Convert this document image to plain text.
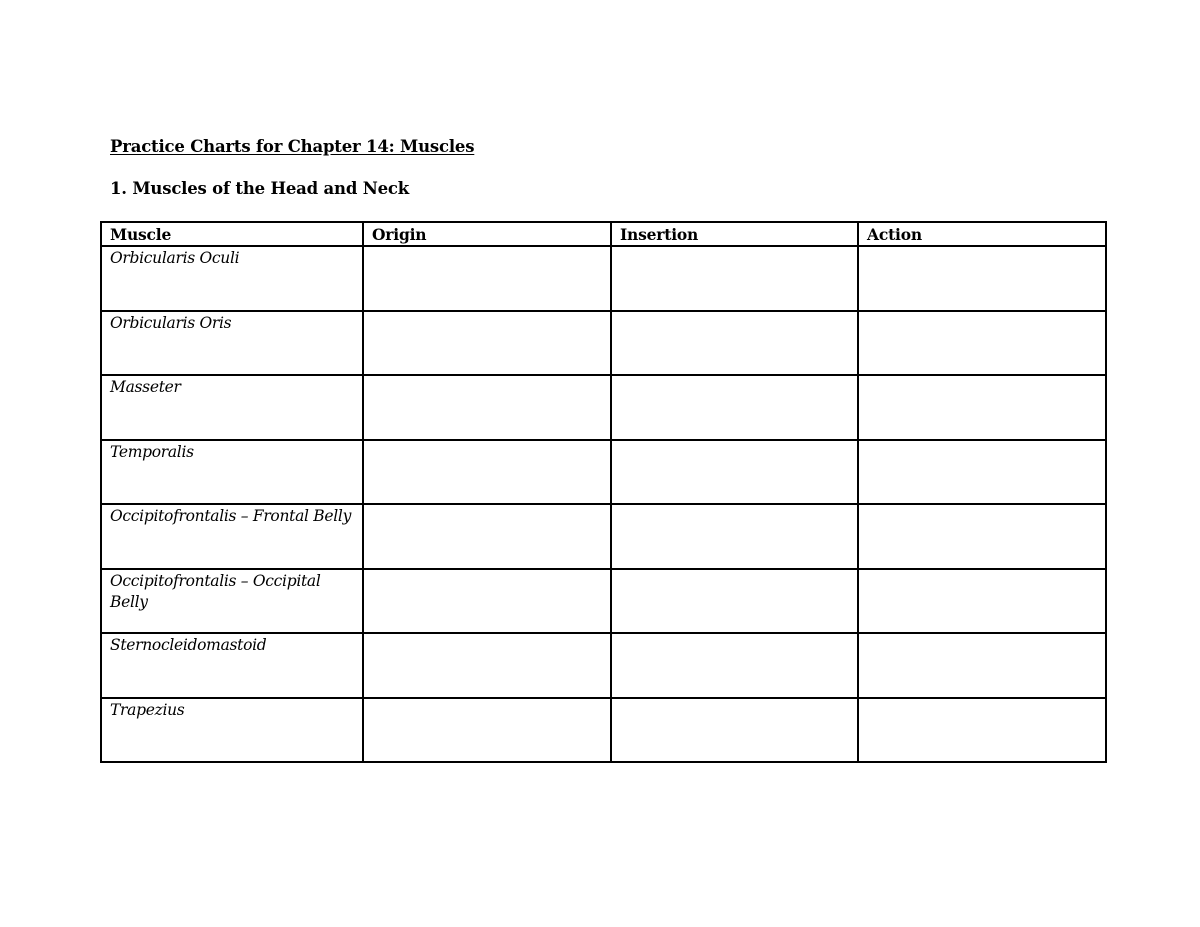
Practice Charts for Chapter 14: Muscles
1. Muscles of the Head and Neck
Muscle	Origin	Insertion	Action
Orbicularis Oculi			
Orbicularis Oris			
Masseter			
Temporalis			
Occipitofrontalis – Frontal Belly			
Occipitofrontalis – Occipital Belly			
Sternocleidomastoid			
Trapezius			
